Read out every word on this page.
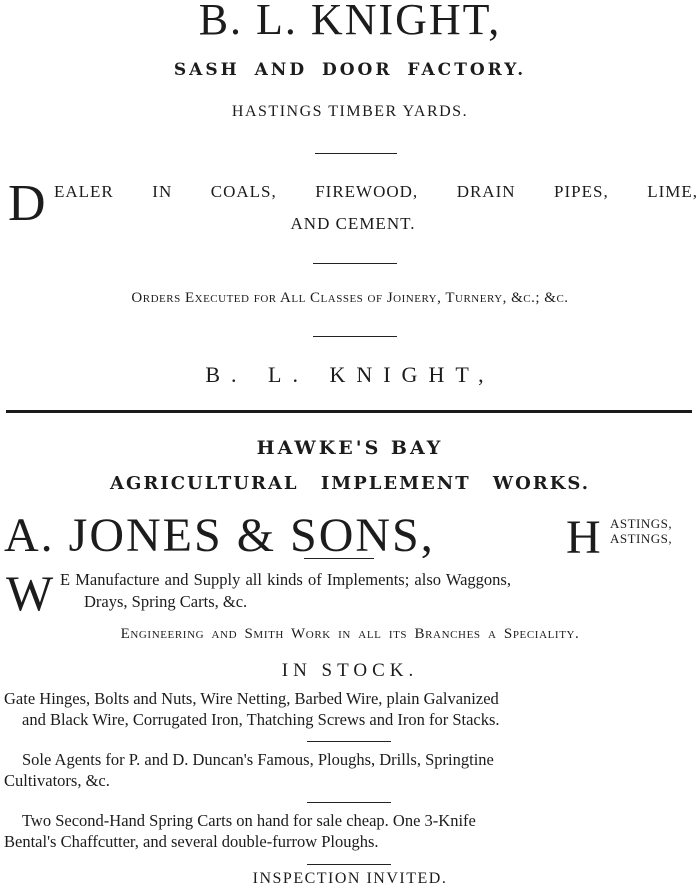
B. L. KNIGHT,
SASH AND DOOR FACTORY.
HASTINGS TIMBER YARDS.
D EALER IN COALS, FIREWOOD, DRAIN PIPES, LIME,
AND CEMENT.
Orders Executed for All Classes of Joinery, Turnery, &c.; &c.
B. L. KNIGHT,
HAWKE'S BAY
AGRICULTURAL IMPLEMENT WORKS.
A. JONES & SONS,	H ASTINGS,
ASTINGS,
W E Manufacture and Supply all kinds of Implements; also Waggons,
Drays, Spring Carts, &c.
Engineering and Smith Work in all its Branches a Speciality.
IN STOCK.
Gate Hinges, Bolts and Nuts, Wire Netting, Barbed Wire, plain Galvanized
and Black Wire, Corrugated Iron, Thatching Screws and Iron for Stacks.
Sole Agents for P. and D. Duncan's Famous, Ploughs, Drills, Springtine
Cultivators, &c.
Two Second-Hand Spring Carts on hand for sale cheap. One 3-Knife
Bental's Chaffcutter, and several double-furrow Ploughs.
INSPECTION INVITED.
